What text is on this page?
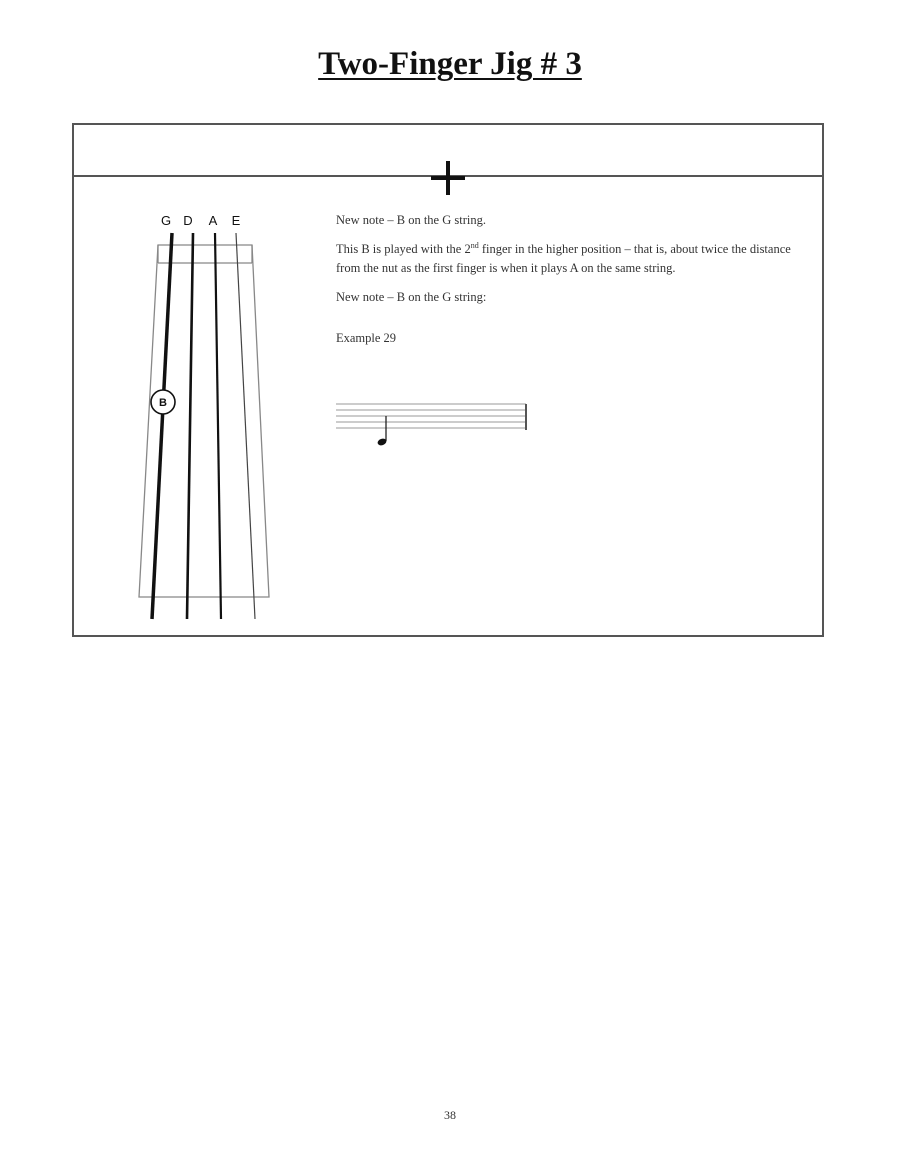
Two-Finger Jig # 3
G D A E
B

New note – B on the G string.

This B is played with the 2nd finger in the higher position – that is, about twice the distance from the nut as the first finger is when it plays A on the same string.

New note – B on the G string:

Example 29

38
